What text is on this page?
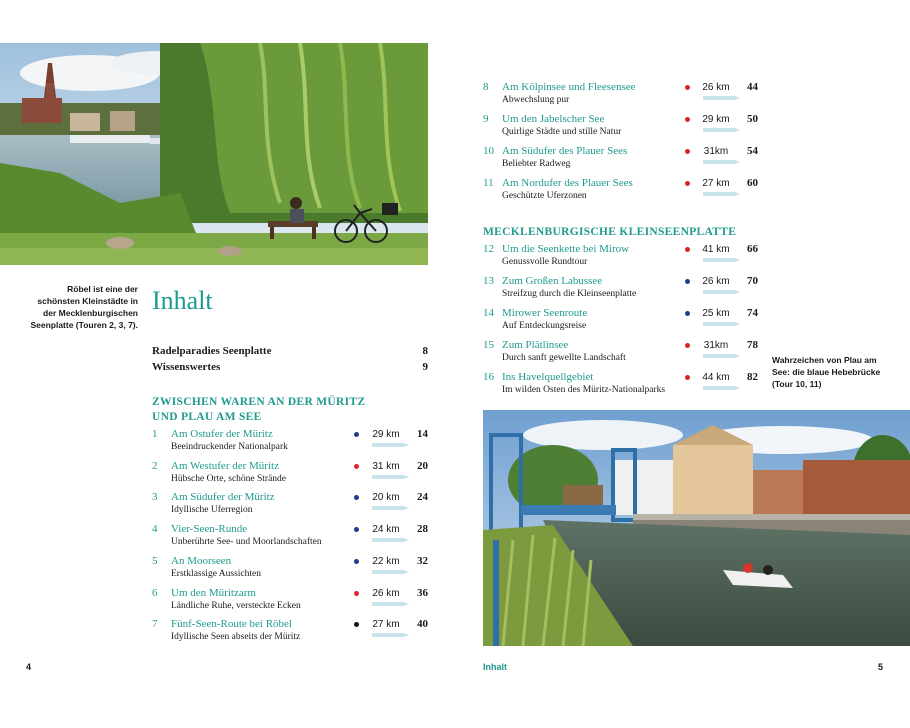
Röbel ist eine der
schönsten Kleinstädte in
der Mecklenburgischen
Seenplatte (Touren 2, 3, 7).
Inhalt
Radelparadies Seenplatte	8
Wissenswertes	9
ZWISCHEN WAREN AN DER MÜRITZ
UND PLAU AM SEE
1 Am Ostufer der Müritz
Beeindruckender Nationalpark
29 km	14
2 Am Westufer der Müritz
Hübsche Orte, schöne Strände
31 km	20
3 Am Südufer der Müritz
Idyllische Uferregion
20 km	24
4 Vier-Seen-Runde
Unberührte See- und Moorlandschaften
24 km	28
5 An Moorseen
Erstklassige Aussichten
22 km	32
6 Um den Müritzarm
Ländliche Ruhe, versteckte Ecken
26 km	36
7 Fünf-Seen-Route bei Röbel
Idyllische Seen abseits der Müritz
27 km	40
4
8 Am Kölpinsee und Fleesensee
Abwechslung pur
26 km	44
9 Um den Jabelscher See
Quirlige Städte und stille Natur
29 km	50
10 Am Südufer des Plauer Sees
Beliebter Radweg
31km	54
11 Am Nordufer des Plauer Sees
Geschützte Uferzonen
27 km	60
MECKLENBURGISCHE KLEINSEENPLATTE
12 Um die Seenkette bei Mirow
Genussvolle Rundtour
41 km	66
13 Zum Großen Labussee
Streifzug durch die Kleinseenplatte
26 km	70
14 Mirower Seenroute
Auf Entdeckungsreise
25 km	74
15 Zum Plätlinsee
Durch sanft gewellte Landschaft
31km	78
16 Ins Havelquellgebiet
Im wilden Osten des Müritz-Nationalparks
44 km	82
Wahrzeichen von Plau am
See: die blaue Hebebrücke
(Tour 10, 11)
Inhalt	5
